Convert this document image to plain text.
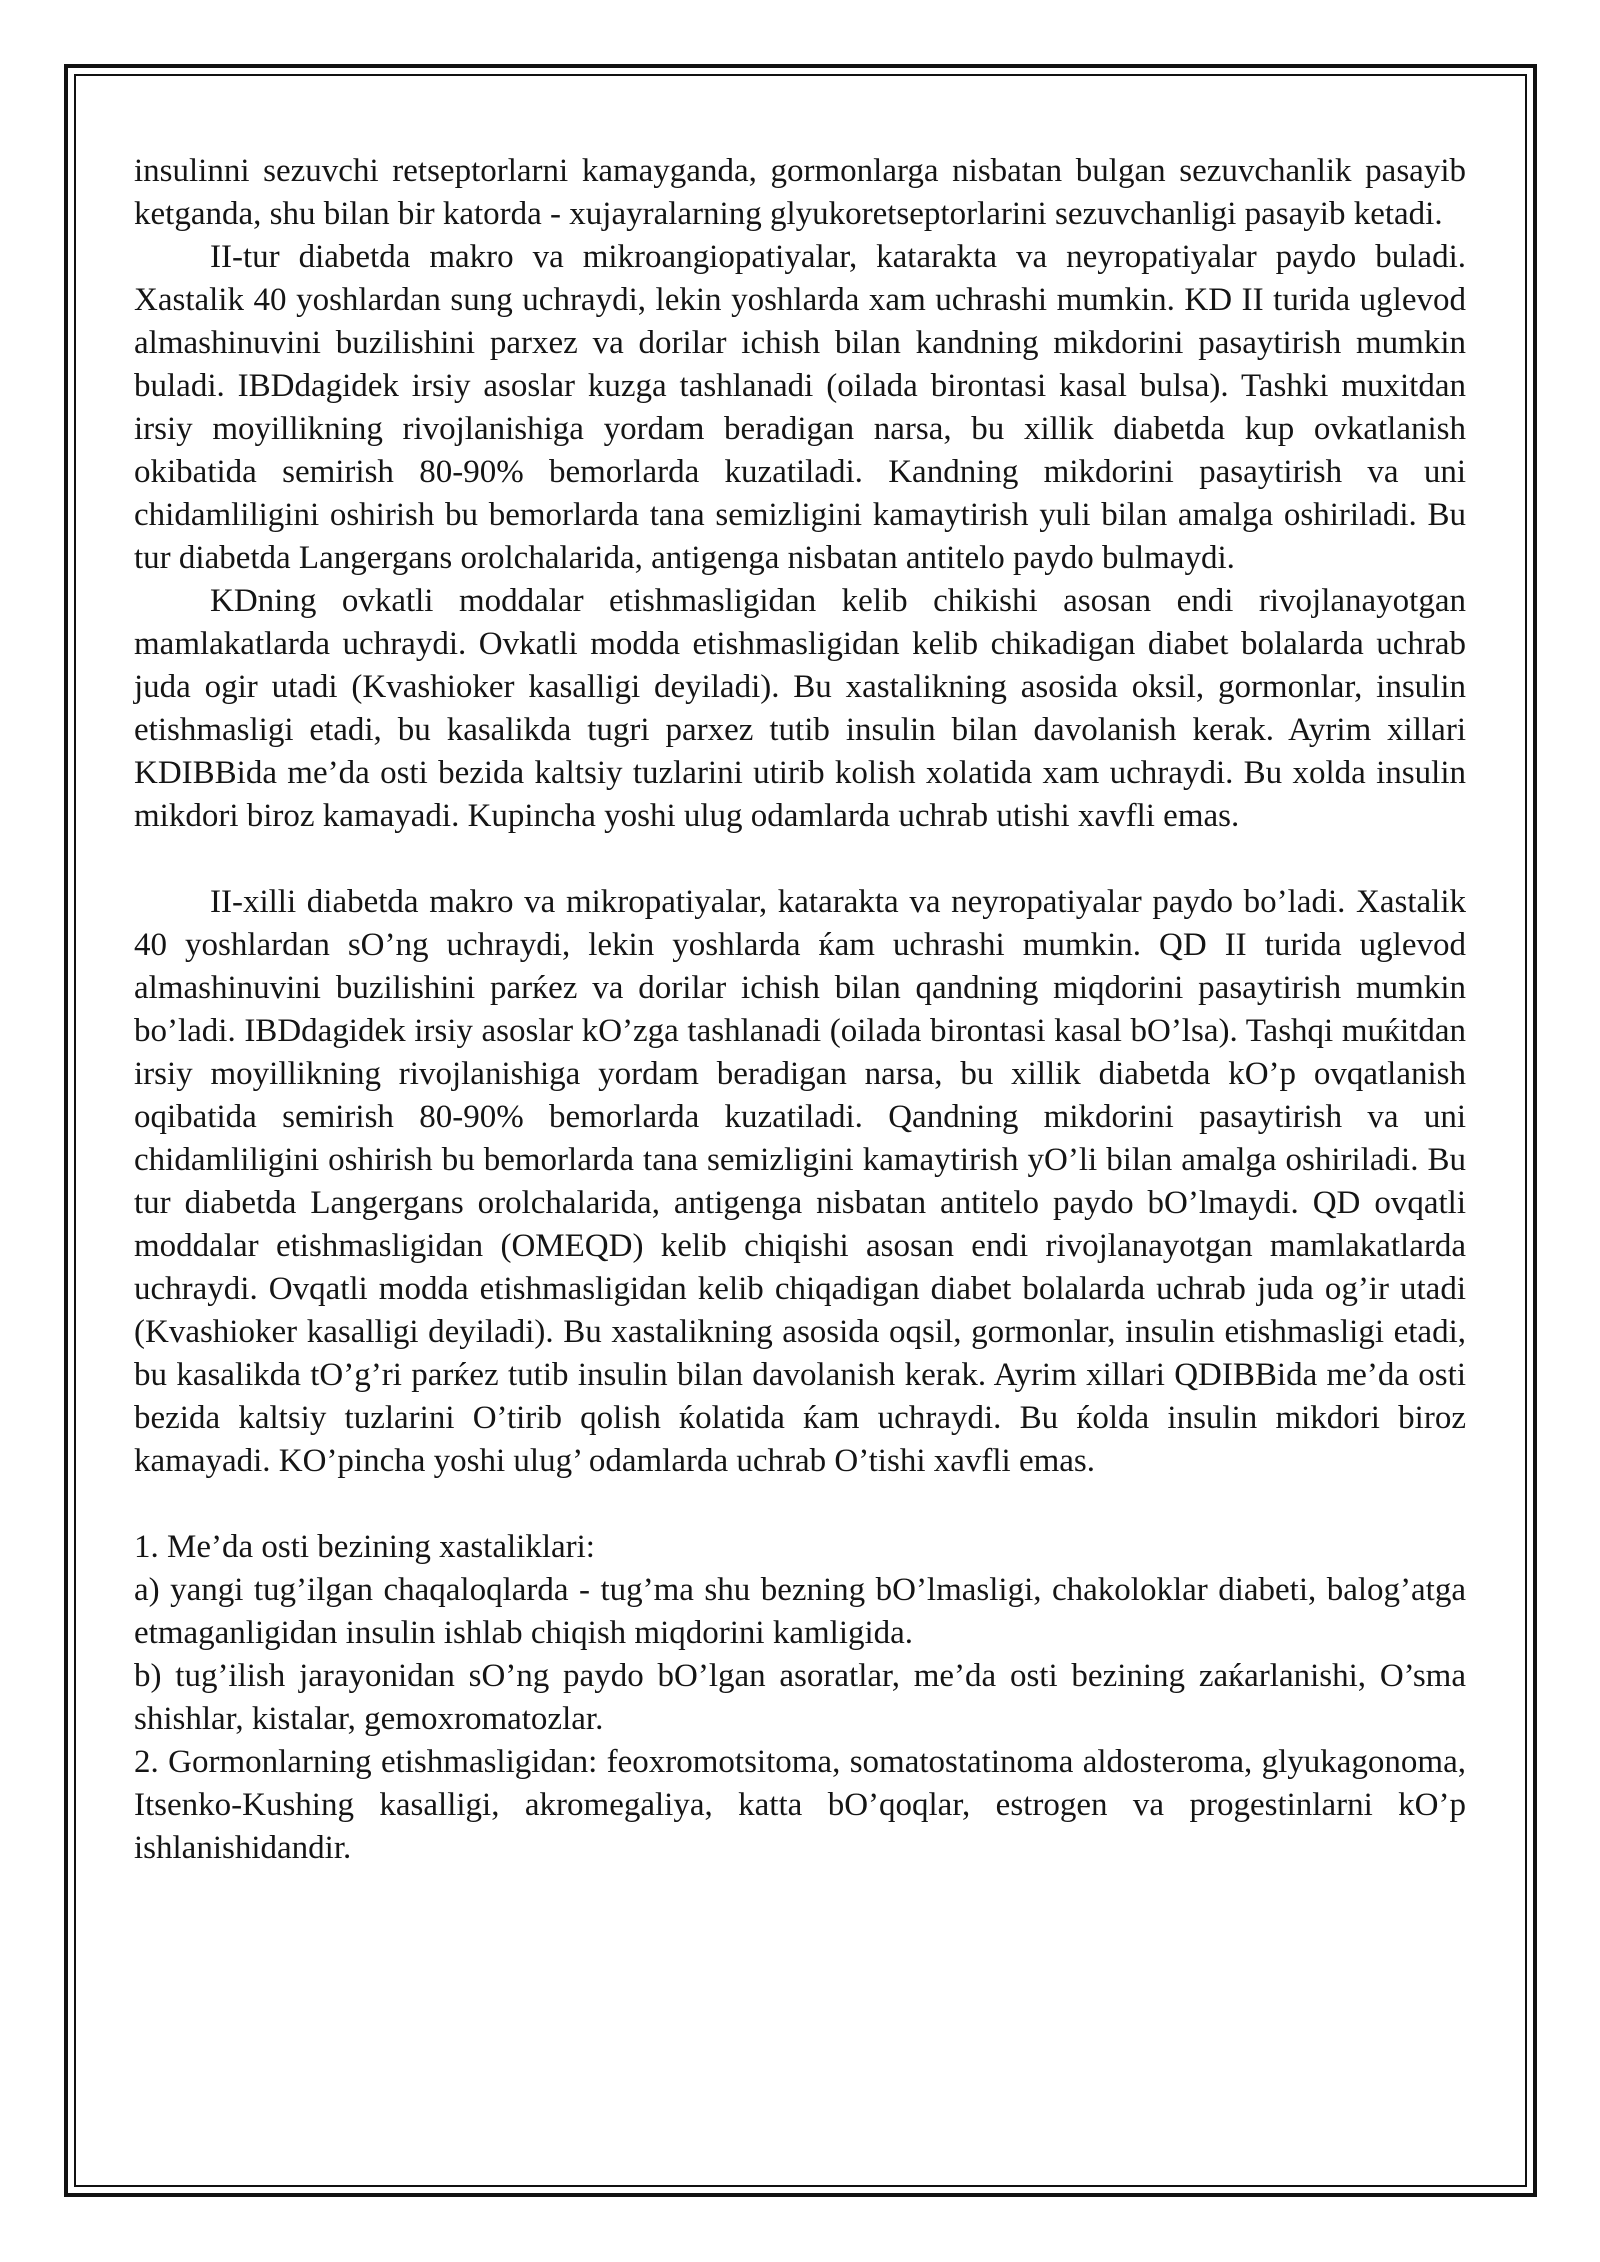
insulinni sezuvchi retseptorlarni kamayganda, gormonlarga nisbatan bulgan sezuvchanlik pasayib ketganda, shu bilan bir katorda - xujayralarning glyukoretseptorlarini sezuvchanligi pasayib ketadi.

II-tur diabetda makro va mikroangiopatiyalar, katarakta va neyropatiyalar paydo buladi. Xastalik 40 yoshlardan sung uchraydi, lekin yoshlarda xam uchrashi mumkin. KD II turida uglevod almashinuvini buzilishini parxez va dorilar ichish bilan kandning mikdorini pasaytirish mumkin buladi. IBDdagidek irsiy asoslar kuzga tashlanadi (oilada birontasi kasal bulsa). Tashki muxitdan irsiy moyillikning rivojlanishiga yordam beradigan narsa, bu xillik diabetda kup ovkatlanish okibatida semirish 80-90% bemorlarda kuzatiladi. Kandning mikdorini pasaytirish va uni chidamliligini oshirish bu bemorlarda tana semizligini kamaytirish yuli bilan amalga oshiriladi. Bu tur diabetda Langergans orolchalarida, antigenga nisbatan antitelo paydo bulmaydi.

KDning ovkatli moddalar etishmasligidan kelib chikishi asosan endi rivojlanayotgan mamlakatlarda uchraydi. Ovkatli modda etishmasligidan kelib chikadigan diabet bolalarda uchrab juda ogir utadi (Kvashioker kasalligi deyiladi). Bu xastalikning asosida oksil, gormonlar, insulin etishmasligi etadi, bu kasalikda tugri parxez tutib insulin bilan davolanish kerak. Ayrim xillari KDIBBida me’da osti bezida kaltsiy tuzlarini utirib kolish xolatida xam uchraydi. Bu xolda insulin mikdori biroz kamayadi. Kupincha yoshi ulug odamlarda uchrab utishi xavfli emas.

II-xilli diabetda makro va mikropatiyalar, katarakta va neyropatiyalar paydo bo’ladi. Xastalik 40 yoshlardan sO’ng uchraydi, lekin yoshlarda ќam uchrashi mumkin. QD II turida uglevod almashinuvini buzilishini parќez va dorilar ichish bilan qandning miqdorini pasaytirish mumkin bo’ladi. IBDdagidek irsiy asoslar kO’zga tashlanadi (oilada birontasi kasal bO’lsa). Tashqi muќitdan irsiy moyillikning rivojlanishiga yordam beradigan narsa, bu xillik diabetda kO’p ovqatlanish oqibatida semirish 80-90% bemorlarda kuzatiladi. Qandning mikdorini pasaytirish va uni chidamliligini oshirish bu bemorlarda tana semizligini kamaytirish yO’li bilan amalga oshiriladi. Bu tur diabetda Langergans orolchalarida, antigenga nisbatan antitelo paydo bO’lmaydi. QD ovqatli moddalar etishmasligidan (OMEQD) kelib chiqishi asosan endi rivojlanayotgan mamlakatlarda uchraydi. Ovqatli modda etishmasligidan kelib chiqadigan diabet bolalarda uchrab juda og’ir utadi (Kvashioker kasalligi deyiladi). Bu xastalikning asosida oqsil, gormonlar, insulin etishmasligi etadi, bu kasalikda tO’g’ri parќez tutib insulin bilan davolanish kerak. Ayrim xillari QDIBBida me’da osti bezida kaltsiy tuzlarini O’tirib qolish ќolatida ќam uchraydi. Bu ќolda insulin mikdori biroz kamayadi. KO’pincha yoshi ulug’ odamlarda uchrab O’tishi xavfli emas.

1. Me’da osti bezining xastaliklari:

a) yangi tug’ilgan chaqaloqlarda - tug’ma shu bezning bO’lmasligi, chakoloklar diabeti, balog’atga etmaganligidan insulin ishlab chiqish miqdorini kamligida.

b) tug’ilish jarayonidan sO’ng paydo bO’lgan asoratlar, me’da osti bezining zaќarlanishi, O’sma shishlar, kistalar, gemoxromatozlar.

2. Gormonlarning etishmasligidan: feoxromotsitoma, somatostatinoma aldosteroma, glyukagonoma, Itsenko-Kushing kasalligi, akromegaliya, katta bO’qoqlar, estrogen va progestinlarni kO’p ishlanishidandir.
